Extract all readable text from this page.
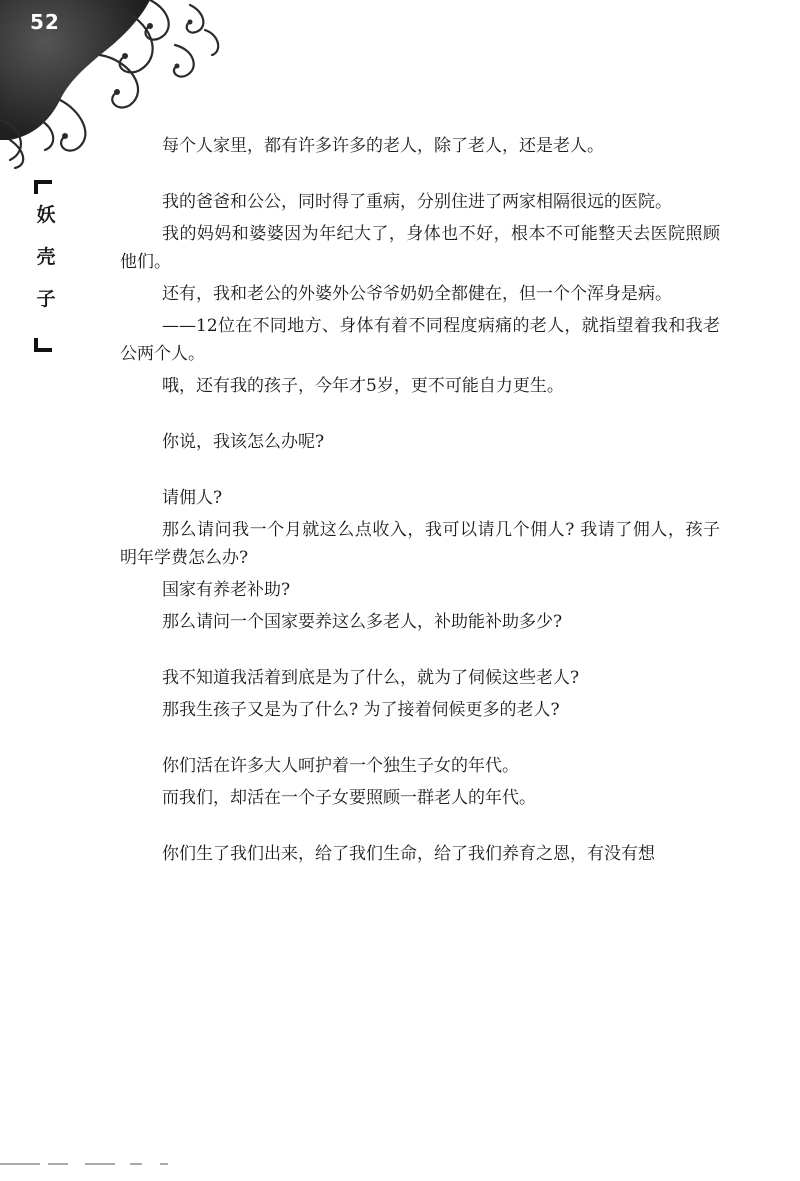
52
妖
壳
子

每个人家里，都有许多许多的老人，除了老人，还是老人。

我的爸爸和公公，同时得了重病，分别住进了两家相隔很远的医院。

我的妈妈和婆婆因为年纪大了，身体也不好，根本不可能整天去医院照顾他们。

还有，我和老公的外婆外公爷爷奶奶全都健在，但一个个浑身是病。

——12位在不同地方、身体有着不同程度病痛的老人，就指望着我和我老公两个人。

哦，还有我的孩子，今年才5岁，更不可能自力更生。

你说，我该怎么办呢?

请佣人?

那么请问我一个月就这么点收入，我可以请几个佣人? 我请了佣人，孩子明年学费怎么办?

国家有养老补助?

那么请问一个国家要养这么多老人，补助能补助多少?

我不知道我活着到底是为了什么，就为了伺候这些老人?

那我生孩子又是为了什么? 为了接着伺候更多的老人?

你们活在许多大人呵护着一个独生子女的年代。

而我们，却活在一个子女要照顾一群老人的年代。

你们生了我们出来，给了我们生命，给了我们养育之恩，有没有想
